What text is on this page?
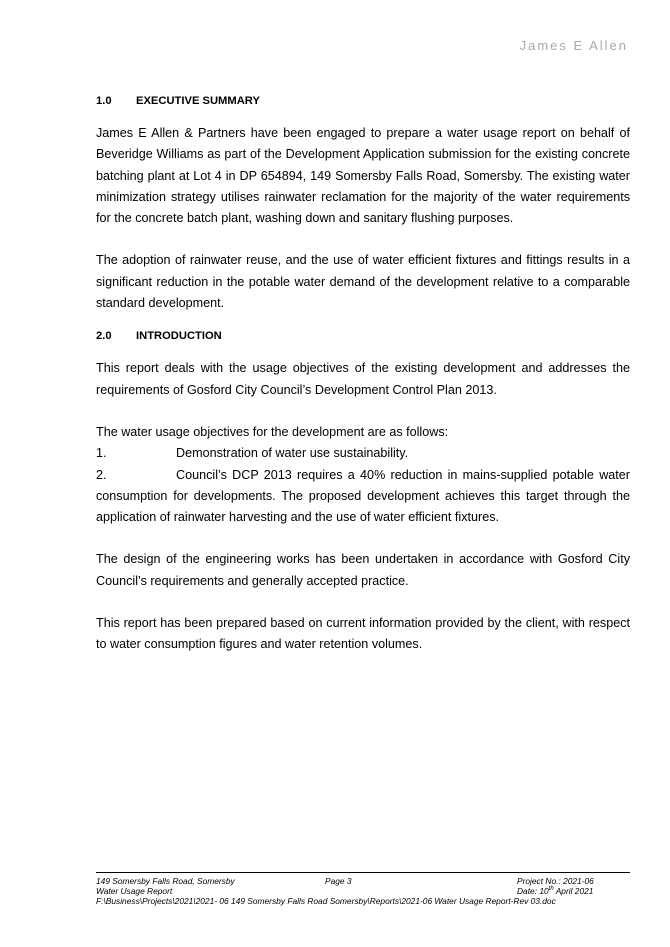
James E Allen
1.0 EXECUTIVE SUMMARY

James E Allen & Partners have been engaged to prepare a water usage report on behalf of Beveridge Williams as part of the Development Application submission for the existing concrete batching plant at Lot 4 in DP 654894, 149 Somersby Falls Road, Somersby. The existing water minimization strategy utilises rainwater reclamation for the majority of the water requirements for the concrete batch plant, washing down and sanitary flushing purposes.

The adoption of rainwater reuse, and the use of water efficient fixtures and fittings results in a significant reduction in the potable water demand of the development relative to a comparable standard development.

2.0 INTRODUCTION

This report deals with the usage objectives of the existing development and addresses the requirements of Gosford City Council’s Development Control Plan 2013.

The water usage objectives for the development are as follows:

1.	Demonstration of water use sustainability.

2.	Council’s DCP 2013 requires a 40% reduction in mains-supplied potable water consumption for developments. The proposed development achieves this target through the application of rainwater harvesting and the use of water efficient fixtures.

The design of the engineering works has been undertaken in accordance with Gosford City Council’s requirements and generally accepted practice.

This report has been prepared based on current information provided by the client, with respect to water consumption figures and water retention volumes.

149 Somersby Falls Road, Somersby	Page 3	Project No.: 2021-06
Water Usage Report	Date: 10th April 2021
F:\Business\Projects\2021\2021- 06 149 Somersby Falls Road Somersby\Reports\2021-06 Water Usage Report-Rev 03.doc
